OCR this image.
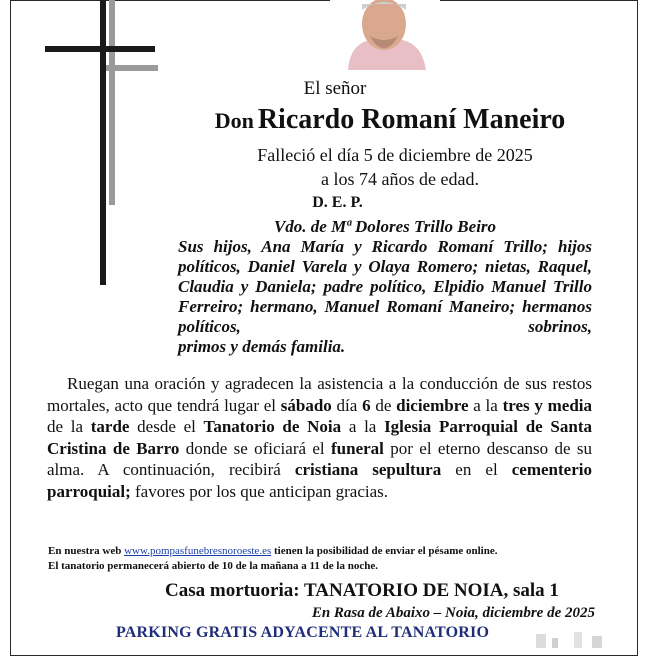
El señor
Don Ricardo Romaní Maneiro
Falleció el día 5 de diciembre de 2025
a los 74 años de edad.
D. E. P.
Vdo. de Mª Dolores Trillo Beiro
Sus hijos, Ana María y Ricardo Romaní Trillo; hijos políticos, Daniel Varela y Olaya Romero; nietas, Raquel, Claudia y Daniela; padre político, Elpidio Manuel Trillo Ferreiro; hermano, Manuel Romaní Maneiro; hermanos políticos, sobrinos,
primos y demás familia.
Ruegan una oración y agradecen la asistencia a la conducción de sus restos mortales, acto que tendrá lugar el sábado día 6 de diciembre a la tres y media de la tarde desde el Tanatorio de Noia a la Iglesia Parroquial de Santa Cristina de Barro donde se oficiará el funeral por el eterno descanso de su alma. A continuación, recibirá cristiana sepultura en el cementerio parroquial; favores por los que anticipan gracias.
En nuestra web www.pompasfunebresnoroeste.es tienen la posibilidad de enviar el pésame online.
El tanatorio permanecerá abierto de 10 de la mañana a 11 de la noche.
Casa mortuoria: TANATORIO DE NOIA, sala 1
En Rasa de Abaixo – Noia, diciembre de 2025
PARKING GRATIS ADYACENTE AL TANATORIO
